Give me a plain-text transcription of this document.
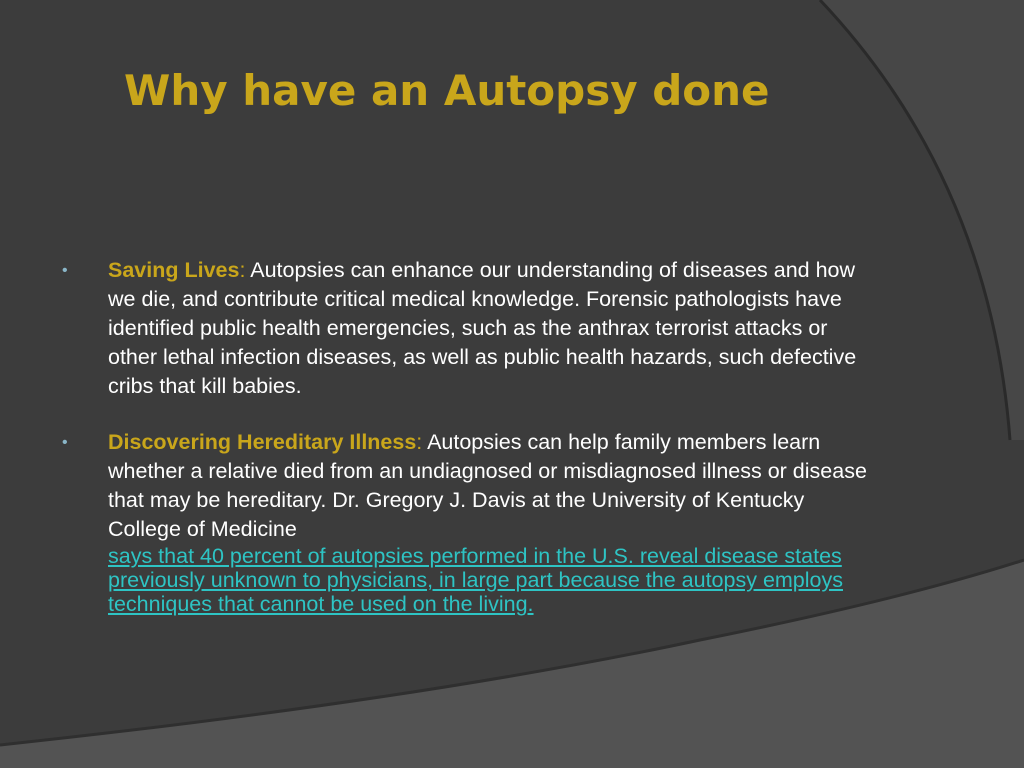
Why have an Autopsy done
• Saving Lives: Autopsies can enhance our understanding of diseases and how we die, and contribute critical medical knowledge. Forensic pathologists have identified public health emergencies, such as the anthrax terrorist attacks or other lethal infection diseases, as well as public health hazards, such defective cribs that kill babies.
• Discovering Hereditary Illness: Autopsies can help family members learn whether a relative died from an undiagnosed or misdiagnosed illness or disease that may be hereditary. Dr. Gregory J. Davis at the University of Kentucky College of Medicine
says that 40 percent of autopsies performed in the U.S. reveal disease states previously unknown to physicians, in large part because the autopsy employs techniques that cannot be used on the living.
